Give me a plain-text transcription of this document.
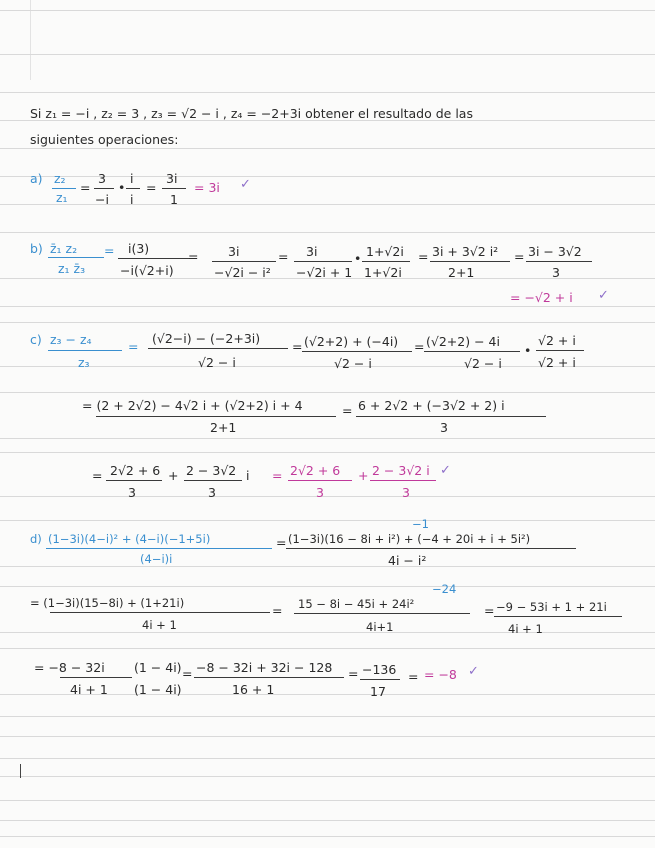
Si z₁ = −i , z₂ = 3 , z₃ = √2 − i , z₄ = −2+3i obtener el resultado de las
siguientes operaciones:
a) z₂
z₁
=
3
−i
•
i
i
=
3i
1
= 3i ✓
b) z̄₁ z₂
z₁ z̄₃
= i(3)
−i(√2+i)
= 3i
−√2i − i²
= 3i
−√2i + 1
• 1+√2i
1+√2i
= 3i + 3√2 i²
2+1
= 3i − 3√2
3
= −√2 + i ✓
c) z₃ − z₄
z₃
=
(√2−i) − (−2+3i)
√2 − i
= (√2+2) + (−4i)
√2 − i
= (√2+2) − 4i
√2 − i
•
√2 + i
√2 + i
= (2 + 2√2) − 4√2 i + (√2+2) i + 4
2+1
= 6 + 2√2 + (−3√2 + 2) i
3
= 2√2 + 6
3
+ 2 − 3√2
3
i = 2√2 + 6
3
+ 2 − 3√2 i
3
✓
d) (1−3i)(4−i)² + (4−i)(−1+5i)
(4−i)i
=
−1
(1−3i)(16 − 8i + i²) + (−4 + 20i + i + 5i²)
4i − i²
= (1−3i)(15−8i) + (1+21i)
4i + 1
=
−24
15 − 8i − 45i + 24i²
4i+1
= −9 − 53i + 1 + 21i
4i + 1
= −8 − 32i
4i + 1
(1 − 4i)
(1 − 4i)
= −8 − 32i + 32i − 128
16 + 1
= −136
17
= = −8 ✓
